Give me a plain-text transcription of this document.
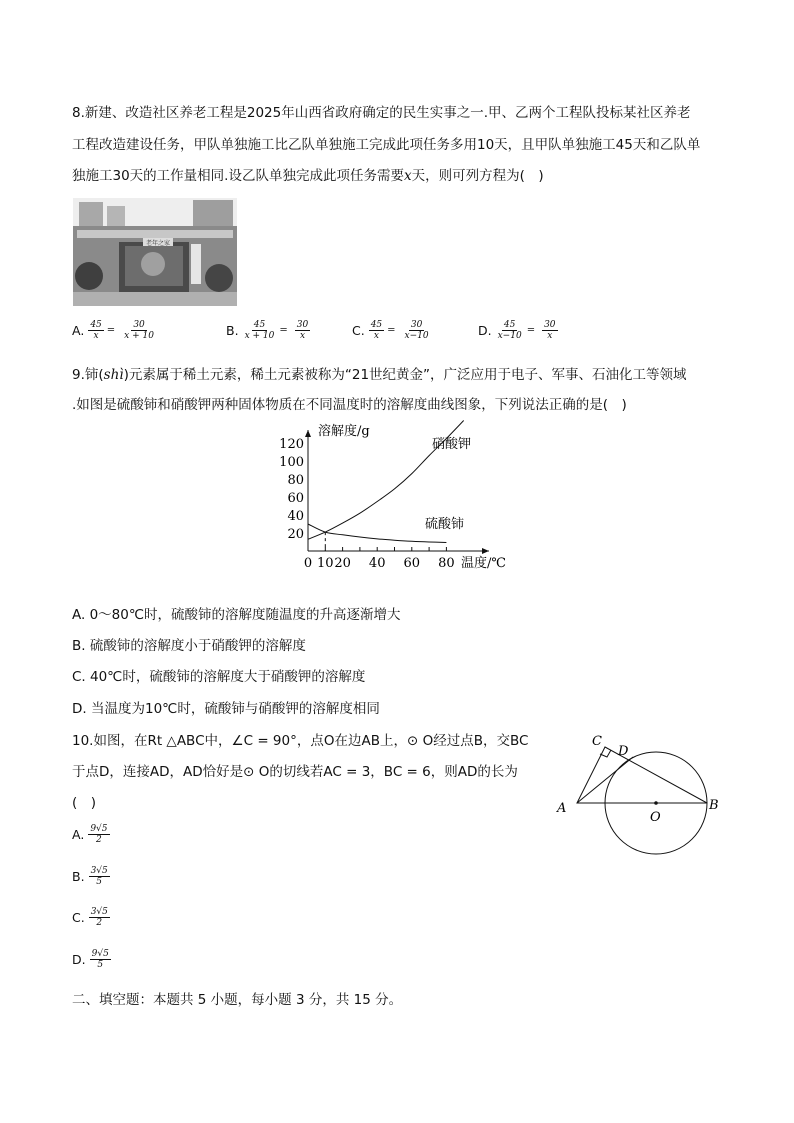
8.新建、改造社区养老工程是2025年山西省政府确定的民生实事之一.甲、乙两个工程队投标某社区养老
工程改造建设任务，甲队单独施工比乙队单独施工完成此项任务多用10天，且甲队单独施工45天和乙队单
独施工30天的工作量相同.设乙队单独完成此项任务需要x天，则可列方程为(　)
老年之家
A. $\frac{45}{x} = \frac{30}{x + 10}$	B. $\frac{45}{x + 10} = \frac{30}{x}$	C. $\frac{45}{x} = \frac{30}{x-10}$	D. $\frac{45}{x-10} = \frac{30}{x}$
9.铈(shì)元素属于稀土元素，稀土元素被称为“21世纪黄金”，广泛应用于电子、军事、石油化工等领域
.如图是硫酸铈和硝酸钾两种固体物质在不同温度时的溶解度曲线图象，下列说法正确的是(　)
20
40
60
80
100
120
0 10 20 40 60 80
溶解度/g
温度/℃
硝酸钾
硫酸铈
A. 0～80℃时，硫酸铈的溶解度随温度的升高逐渐增大
B. 硫酸铈的溶解度小于硝酸钾的溶解度
C. 40℃时，硫酸铈的溶解度大于硝酸钾的溶解度
D. 当温度为10℃时，硫酸铈与硝酸钾的溶解度相同
10.如图，在Rt △ABC中，∠C = 90°，点O在边AB上，⊙ O经过点B，交BC
于点D，连接AD，AD恰好是⊙ O的切线若AC = 3，BC = 6，则AD的长为
(　)
A. $\frac{9√5}{2}$
B. $\frac{3√5}{5}$
C. $\frac{3√5}{2}$
D. $\frac{9√5}{5}$
A	B
C
D
O
二、填空题：本题共 5 小题，每小题 3 分，共 15 分。
